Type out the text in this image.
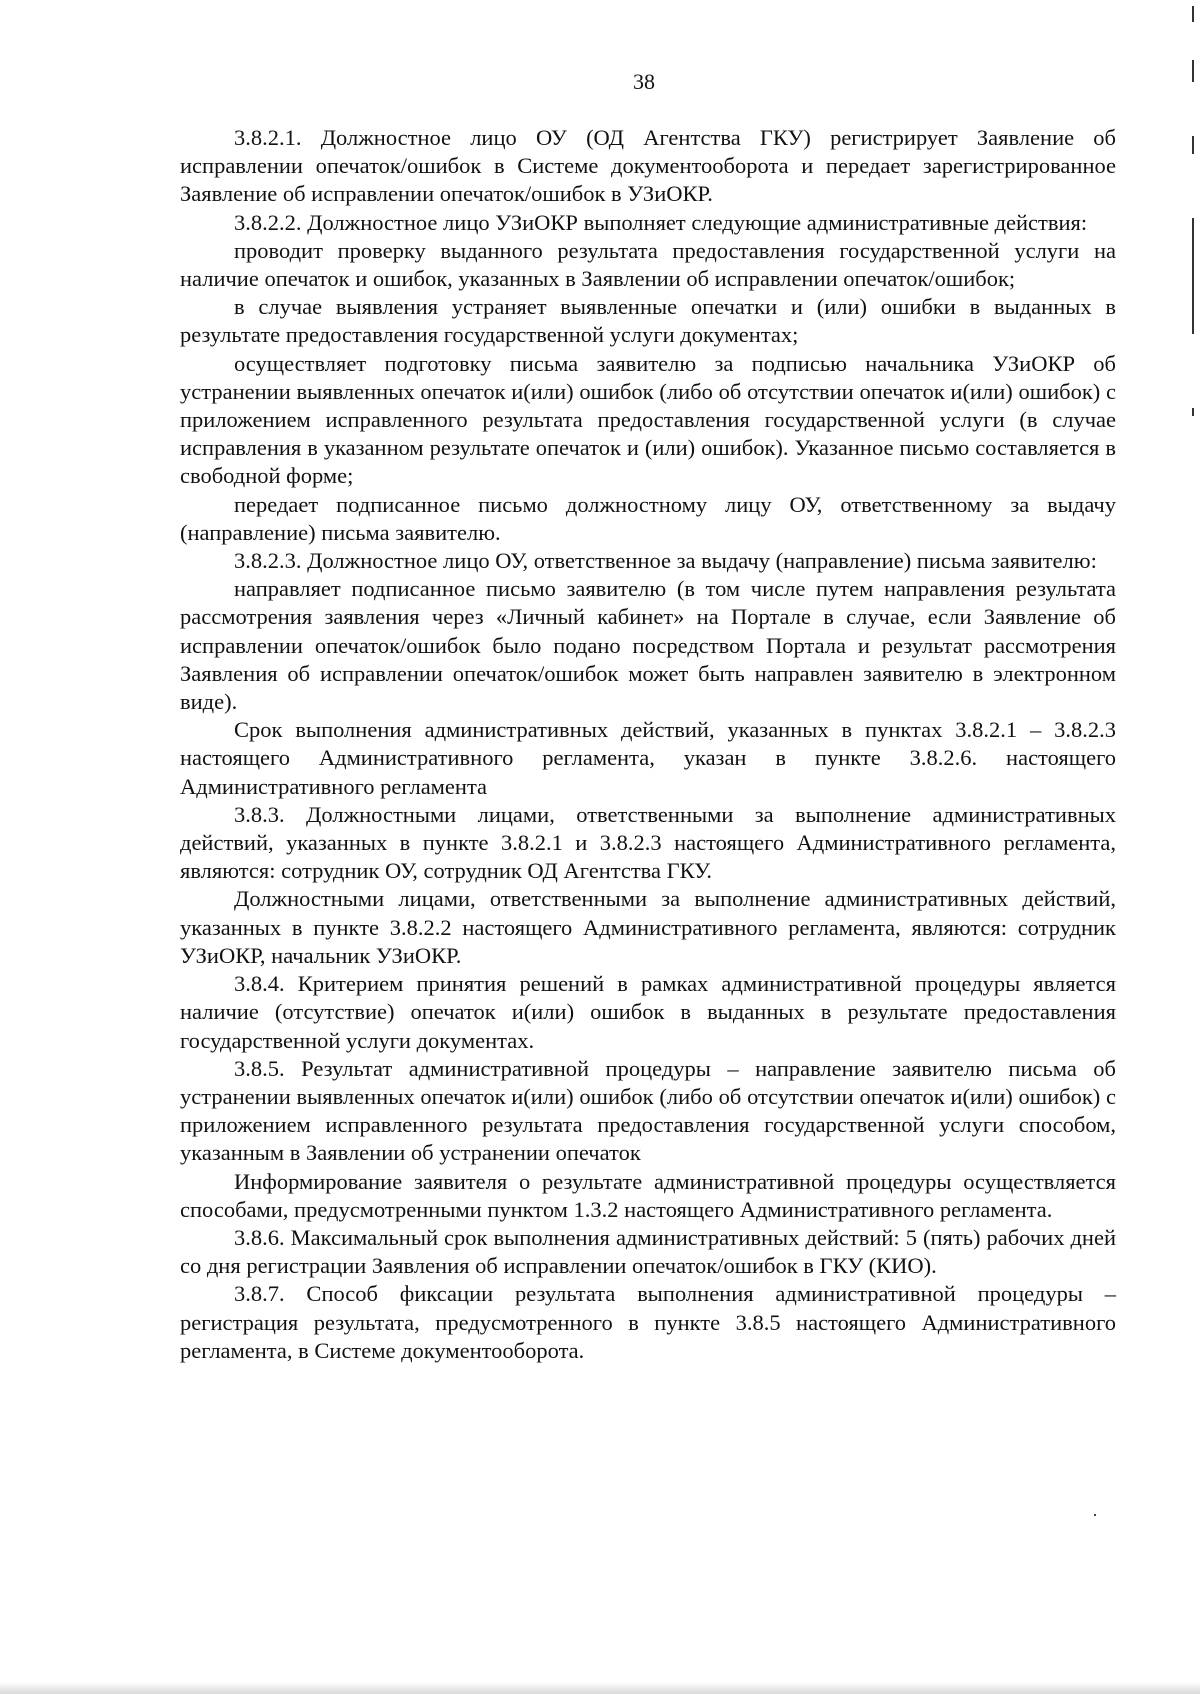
38

3.8.2.1. Должностное лицо ОУ (ОД Агентства ГКУ) регистрирует Заявление об исправлении опечаток/ошибок в Системе документооборота и передает зарегистрированное Заявление об исправлении опечаток/ошибок в УЗиОКР.

3.8.2.2. Должностное лицо УЗиОКР выполняет следующие административные действия:

проводит проверку выданного результата предоставления государственной услуги на наличие опечаток и ошибок, указанных в Заявлении об исправлении опечаток/ошибок;

в случае выявления устраняет выявленные опечатки и (или) ошибки в выданных в результате предоставления государственной услуги документах;

осуществляет подготовку письма заявителю за подписью начальника УЗиОКР об устранении выявленных опечаток и(или) ошибок (либо об отсутствии опечаток и(или) ошибок) с приложением исправленного результата предоставления государственной услуги (в случае исправления в указанном результате опечаток и (или) ошибок). Указанное письмо составляется в свободной форме;

передает подписанное письмо должностному лицу ОУ, ответственному за выдачу (направление) письма заявителю.

3.8.2.3. Должностное лицо ОУ, ответственное за выдачу (направление) письма заявителю:

направляет подписанное письмо заявителю (в том числе путем направления результата рассмотрения заявления через «Личный кабинет» на Портале в случае, если Заявление об исправлении опечаток/ошибок было подано посредством Портала и результат рассмотрения Заявления об исправлении опечаток/ошибок может быть направлен заявителю в электронном виде).

Срок выполнения административных действий, указанных в пунктах 3.8.2.1 – 3.8.2.3 настоящего Административного регламента, указан в пункте 3.8.2.6. настоящего Административного регламента

3.8.3. Должностными лицами, ответственными за выполнение административных действий, указанных в пункте 3.8.2.1 и 3.8.2.3 настоящего Административного регламента, являются: сотрудник ОУ, сотрудник ОД Агентства ГКУ.

Должностными лицами, ответственными за выполнение административных действий, указанных в пункте 3.8.2.2 настоящего Административного регламента, являются: сотрудник УЗиОКР, начальник УЗиОКР.

3.8.4. Критерием принятия решений в рамках административной процедуры является наличие (отсутствие) опечаток и(или) ошибок в выданных в результате предоставления государственной услуги документах.

3.8.5. Результат административной процедуры – направление заявителю письма об устранении выявленных опечаток и(или) ошибок (либо об отсутствии опечаток и(или) ошибок) с приложением исправленного результата предоставления государственной услуги способом, указанным в Заявлении об устранении опечаток

Информирование заявителя о результате административной процедуры осуществляется способами, предусмотренными пунктом 1.3.2 настоящего Административного регламента.

3.8.6. Максимальный срок выполнения административных действий: 5 (пять) рабочих дней со дня регистрации Заявления об исправлении опечаток/ошибок в ГКУ (КИО).

3.8.7. Способ фиксации результата выполнения административной процедуры – регистрация результата, предусмотренного в пункте 3.8.5 настоящего Административного регламента, в Системе документооборота.
